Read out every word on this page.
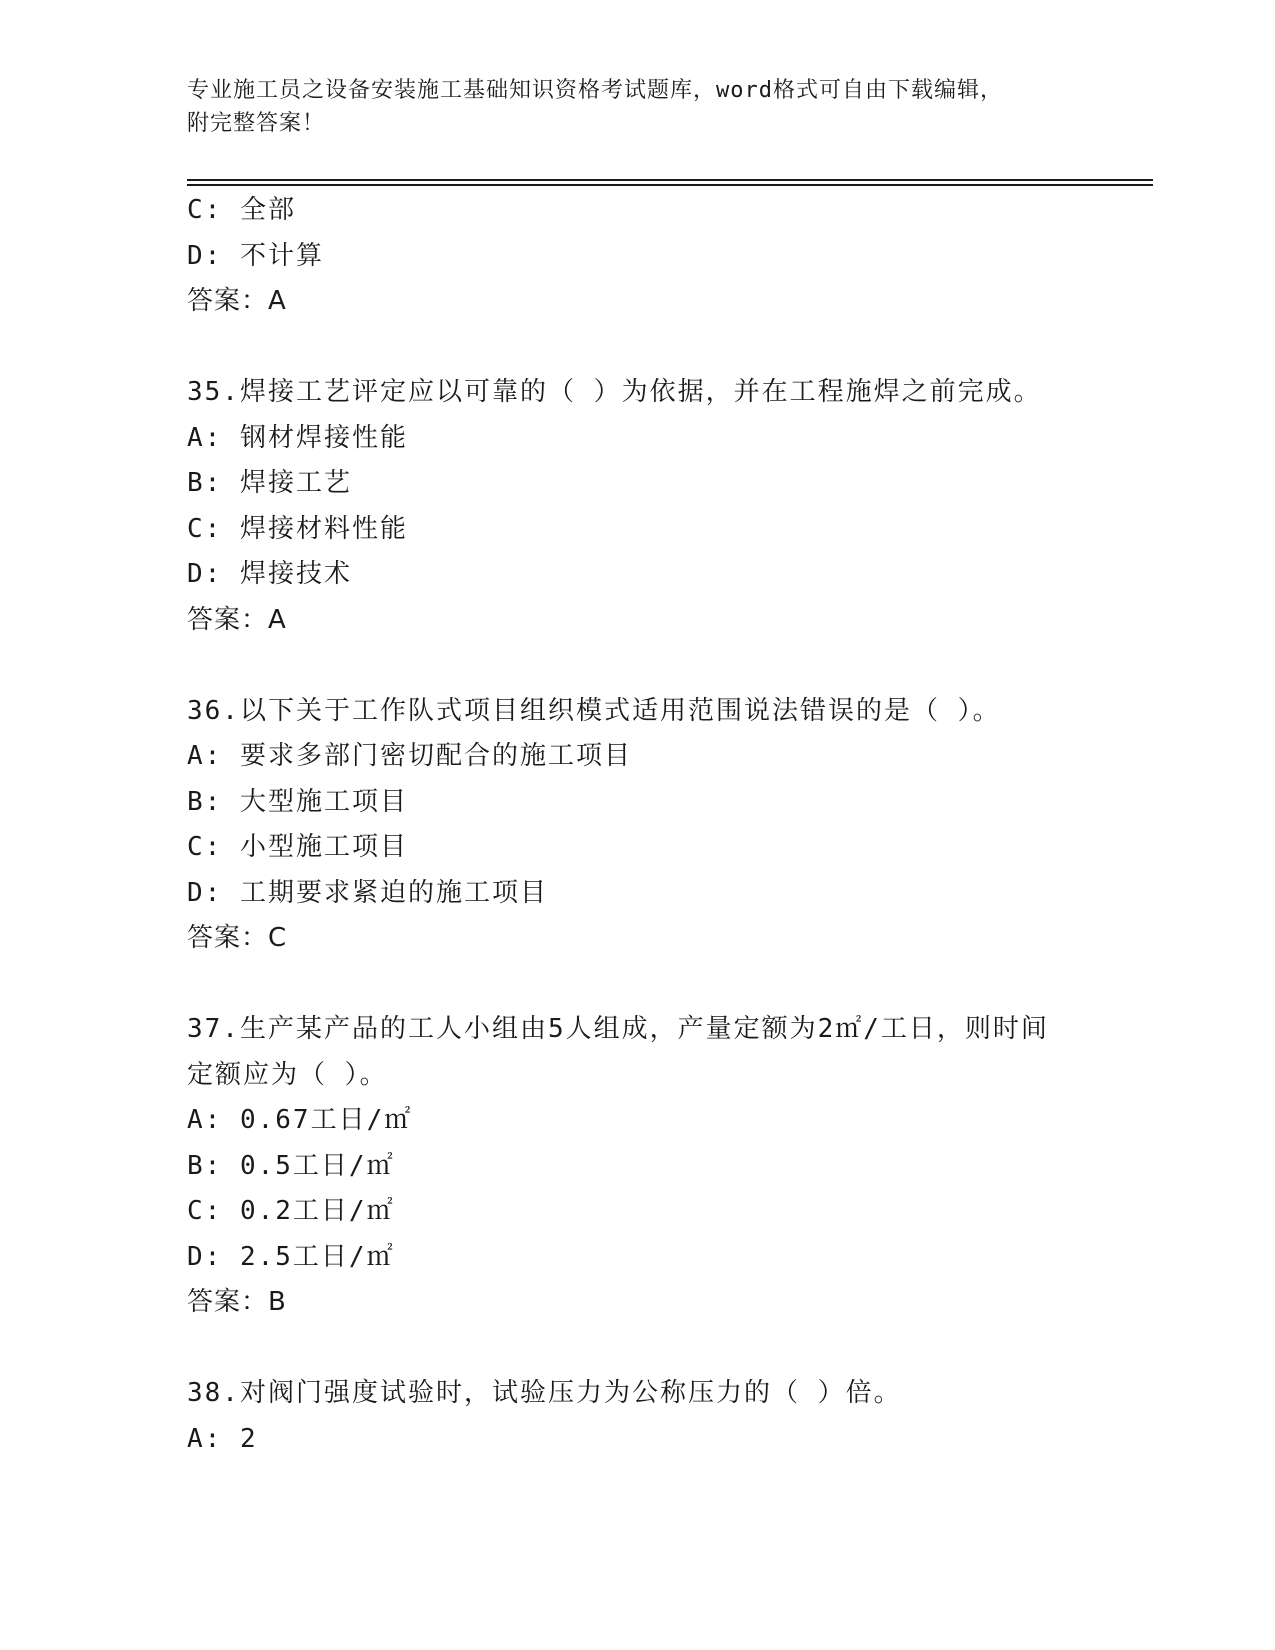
专业施工员之设备安装施工基础知识资格考试题库，word格式可自由下载编辑，
附完整答案！
C: 全部
D: 不计算
答案：A
35.焊接工艺评定应以可靠的（ ）为依据，并在工程施焊之前完成。
A: 钢材焊接性能
B: 焊接工艺
C: 焊接材料性能
D: 焊接技术
答案：A
36.以下关于工作队式项目组织模式适用范围说法错误的是（ ）。
A: 要求多部门密切配合的施工项目
B: 大型施工项目
C: 小型施工项目
D: 工期要求紧迫的施工项目
答案：C
37.生产某产品的工人小组由5人组成，产量定额为2㎡/工日，则时间
定额应为（ ）。
A: 0.67工日/㎡
B: 0.5工日/㎡
C: 0.2工日/㎡
D: 2.5工日/㎡
答案：B
38.对阀门强度试验时，试验压力为公称压力的（ ）倍。
A: 2
